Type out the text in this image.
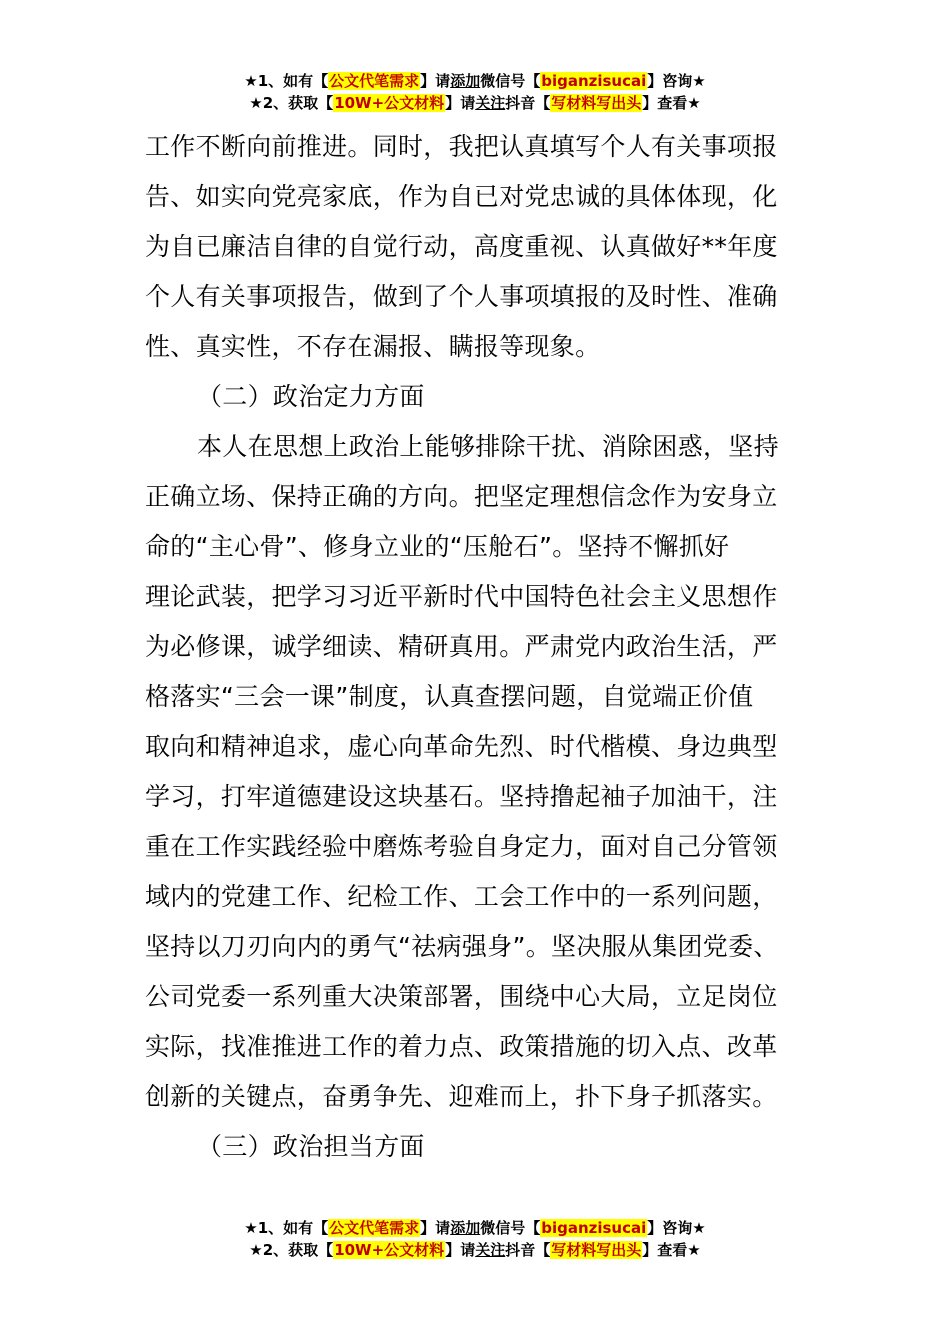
★1、如有【公文代笔需求】请添加微信号【biganzisucai】咨询★
★2、获取【10W+公文材料】请关注抖音【写材料写出头】查看★

工作不断向前推进。同时，我把认真填写个人有关事项报

告、如实向党亮家底，作为自已对党忠诚的具体体现，化

为自已廉洁自律的自觉行动，高度重视、认真做好**年度

个人有关事项报告，做到了个人事项填报的及时性、准确

性、真实性，不存在漏报、瞒报等现象。

（二）政治定力方面

本人在思想上政治上能够排除干扰、消除困惑，坚持

正确立场、保持正确的方向。把坚定理想信念作为安身立

命的“主心骨”、修身立业的“压舱石”。坚持不懈抓好

理论武装，把学习习近平新时代中国特色社会主义思想作

为必修课，诚学细读、精研真用。严肃党内政治生活，严

格落实“三会一课”制度，认真查摆问题，自觉端正价值

取向和精神追求，虚心向革命先烈、时代楷模、身边典型

学习，打牢道德建设这块基石。坚持撸起袖子加油干，注

重在工作实践经验中磨炼考验自身定力，面对自己分管领

域内的党建工作、纪检工作、工会工作中的一系列问题，

坚持以刀刃向内的勇气“祛病强身”。坚决服从集团党委、

公司党委一系列重大决策部署，围绕中心大局，立足岗位

实际，找准推进工作的着力点、政策措施的切入点、改革

创新的关键点，奋勇争先、迎难而上，扑下身子抓落实。

（三）政治担当方面

★1、如有【公文代笔需求】请添加微信号【biganzisucai】咨询★
★2、获取【10W+公文材料】请关注抖音【写材料写出头】查看★
